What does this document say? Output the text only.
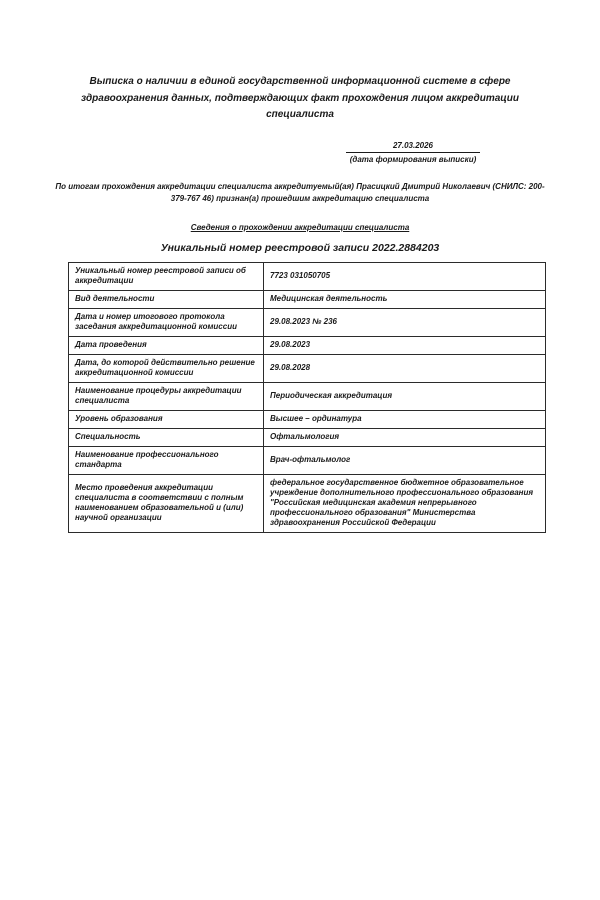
Выписка о наличии в единой государственной информационной системе в сфере здравоохранения данных, подтверждающих факт прохождения лицом аккредитации специалиста
27.03.2026
(дата формирования выписки)

По итогам прохождения аккредитации специалиста аккредитуемый(ая) Прасицкий Дмитрий Николаевич (СНИЛС: 200-379-767 46) признан(а) прошедшим аккредитацию специалиста

Сведения о прохождении аккредитации специалиста
Уникальный номер реестровой записи 2022.2884203
Уникальный номер реестровой записи об аккредитации	7723 031050705
Вид деятельности	Медицинская деятельность
Дата и номер итогового протокола заседания аккредитационной комиссии	29.08.2023 № 236
Дата проведения	29.08.2023
Дата, до которой действительно решение аккредитационной комиссии	29.08.2028
Наименование процедуры аккредитации специалиста	Периодическая аккредитация
Уровень образования	Высшее – ординатура
Специальность	Офтальмология
Наименование профессионального стандарта	Врач-офтальмолог
Место проведения аккредитации специалиста в соответствии с полным наименованием образовательной и (или) научной организации	федеральное государственное бюджетное образовательное учреждение дополнительного профессионального образования "Российская медицинская академия непрерывного профессионального образования" Министерства здравоохранения Российской Федерации
